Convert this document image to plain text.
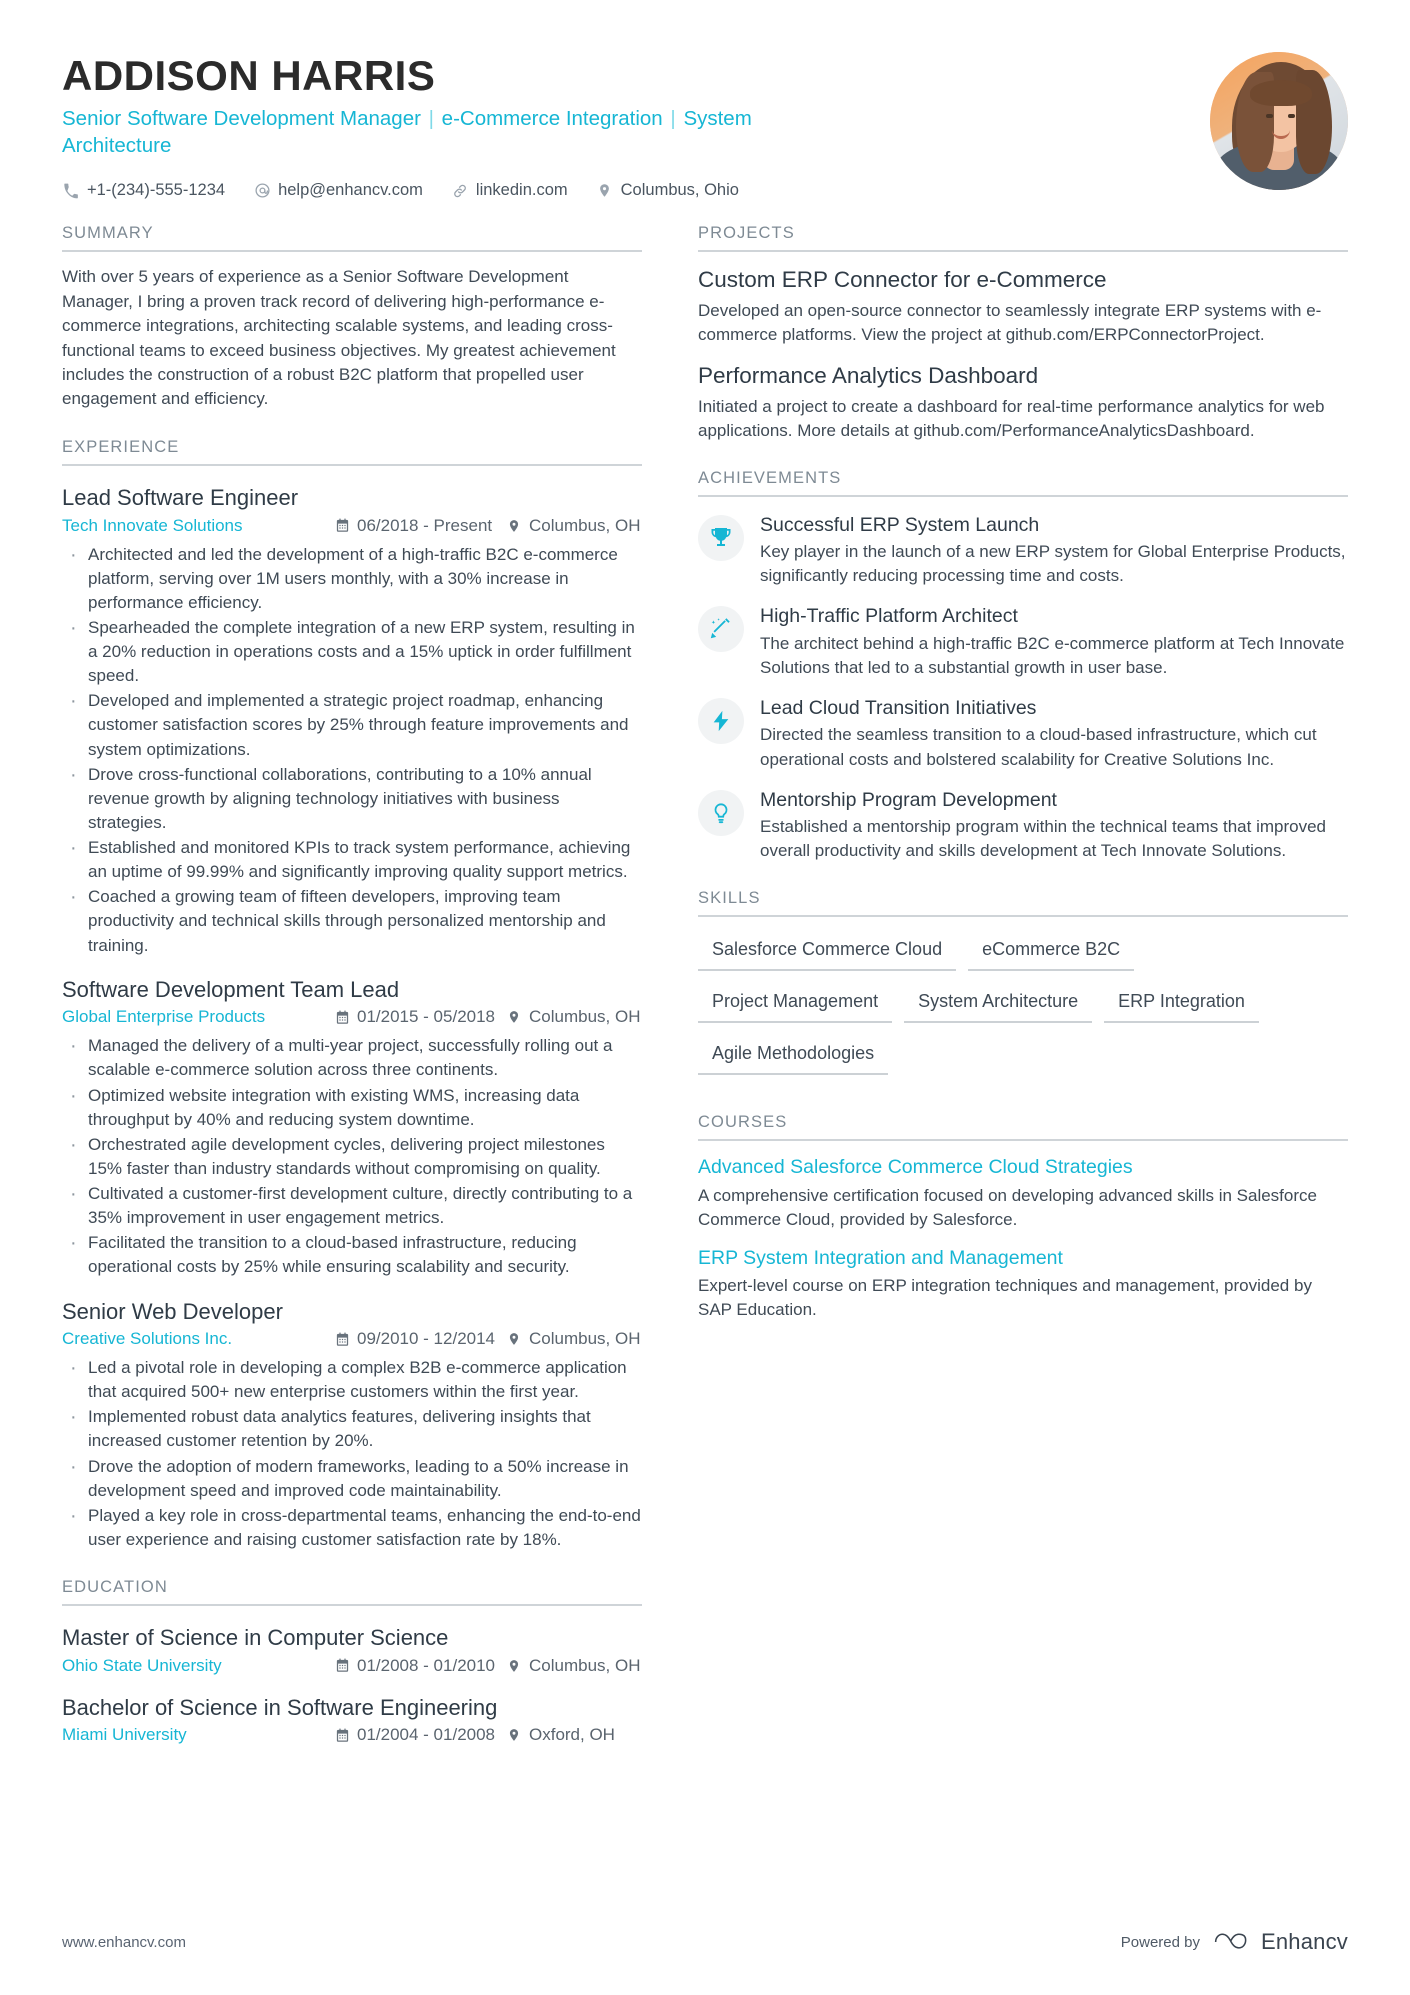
ADDISON HARRIS
Senior Software Development Manager | e-Commerce Integration | System Architecture
+1-(234)-555-1234	help@enhancv.com	linkedin.com	Columbus, Ohio
SUMMARY
With over 5 years of experience as a Senior Software Development Manager, I bring a proven track record of delivering high-performance e-commerce integrations, architecting scalable systems, and leading cross-functional teams to exceed business objectives. My greatest achievement includes the construction of a robust B2C platform that propelled user engagement and efficiency.
EXPERIENCE
Lead Software Engineer
Tech Innovate Solutions	06/2018 - Present Columbus, OH
· Architected and led the development of a high-traffic B2C e-commerce platform, serving over 1M users monthly, with a 30% increase in performance efficiency.
· Spearheaded the complete integration of a new ERP system, resulting in a 20% reduction in operations costs and a 15% uptick in order fulfillment speed.
· Developed and implemented a strategic project roadmap, enhancing customer satisfaction scores by 25% through feature improvements and system optimizations.
· Drove cross-functional collaborations, contributing to a 10% annual revenue growth by aligning technology initiatives with business strategies.
· Established and monitored KPIs to track system performance, achieving an uptime of 99.99% and significantly improving quality support metrics.
· Coached a growing team of fifteen developers, improving team productivity and technical skills through personalized mentorship and training.
Software Development Team Lead
Global Enterprise Products	01/2015 - 05/2018 Columbus, OH
· Managed the delivery of a multi-year project, successfully rolling out a scalable e-commerce solution across three continents.
· Optimized website integration with existing WMS, increasing data throughput by 40% and reducing system downtime.
· Orchestrated agile development cycles, delivering project milestones 15% faster than industry standards without compromising on quality.
· Cultivated a customer-first development culture, directly contributing to a 35% improvement in user engagement metrics.
· Facilitated the transition to a cloud-based infrastructure, reducing operational costs by 25% while ensuring scalability and security.
Senior Web Developer
Creative Solutions Inc.	09/2010 - 12/2014 Columbus, OH
· Led a pivotal role in developing a complex B2B e-commerce application that acquired 500+ new enterprise customers within the first year.
· Implemented robust data analytics features, delivering insights that increased customer retention by 20%.
· Drove the adoption of modern frameworks, leading to a 50% increase in development speed and improved code maintainability.
· Played a key role in cross-departmental teams, enhancing the end-to-end user experience and raising customer satisfaction rate by 18%.
EDUCATION
Master of Science in Computer Science
Ohio State University	01/2008 - 01/2010 Columbus, OH
Bachelor of Science in Software Engineering
Miami University	01/2004 - 01/2008 Oxford, OH
PROJECTS
Custom ERP Connector for e-Commerce
Developed an open-source connector to seamlessly integrate ERP systems with e-commerce platforms. View the project at github.com/ERPConnectorProject.
Performance Analytics Dashboard
Initiated a project to create a dashboard for real-time performance analytics for web applications. More details at github.com/PerformanceAnalyticsDashboard.
ACHIEVEMENTS
Successful ERP System Launch
Key player in the launch of a new ERP system for Global Enterprise Products, significantly reducing processing time and costs.
High-Traffic Platform Architect
The architect behind a high-traffic B2C e-commerce platform at Tech Innovate Solutions that led to a substantial growth in user base.
Lead Cloud Transition Initiatives
Directed the seamless transition to a cloud-based infrastructure, which cut operational costs and bolstered scalability for Creative Solutions Inc.
Mentorship Program Development
Established a mentorship program within the technical teams that improved overall productivity and skills development at Tech Innovate Solutions.
SKILLS
Salesforce Commerce Cloud	eCommerce B2C
Project Management	System Architecture	ERP Integration
Agile Methodologies
COURSES
Advanced Salesforce Commerce Cloud Strategies
A comprehensive certification focused on developing advanced skills in Salesforce Commerce Cloud, provided by Salesforce.
ERP System Integration and Management
Expert-level course on ERP integration techniques and management, provided by SAP Education.
www.enhancv.com	Powered by	Enhancv
